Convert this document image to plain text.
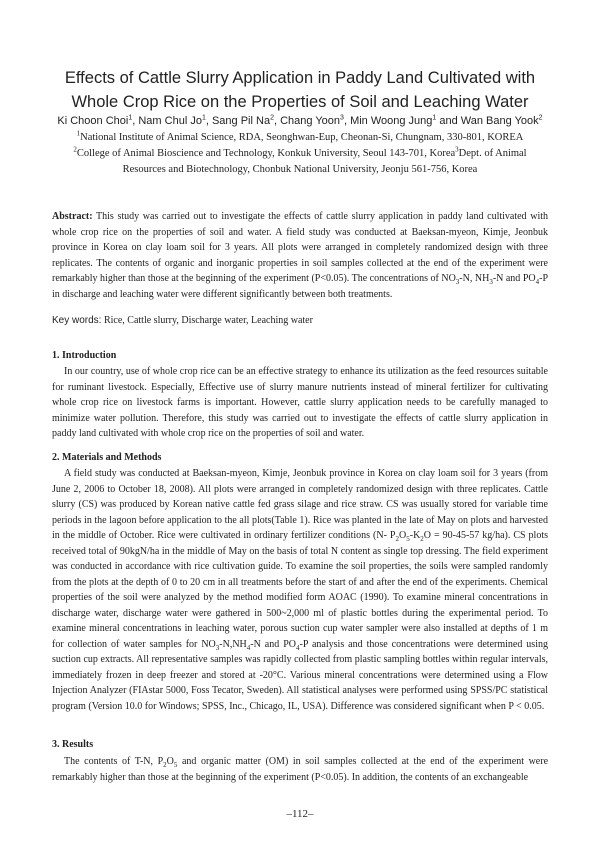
Effects of Cattle Slurry Application in Paddy Land Cultivated with
Whole Crop Rice on the Properties of Soil and Leaching Water
Ki Choon Choi$^1$, Nam Chul Jo$^1$, Sang Pil Na$^2$, Chang Yoon$^3$, Min Woong Jung$^1$ and Wan Bang Yook$^2$
$^1$National Institute of Animal Science, RDA, Seonghwan-Eup, Cheonan-Si, Chungnam, 330-801, KOREA
$^2$College of Animal Bioscience and Technology, Konkuk University, Seoul 143-701, Korea$^3$Dept. of Animal
Resources and Biotechnology, Chonbuk National University, Jeonju 561-756, Korea
Abstract: This study was carried out to investigate the effects of cattle slurry application in paddy land cultivated with whole crop rice on the properties of soil and water. A field study was conducted at Baeksan-myeon, Kimje, Jeonbuk province in Korea on clay loam soil for 3 years. All plots were arranged in completely randomized design with three replicates. The contents of organic and inorganic properties in soil samples collected at the end of the experiment were remarkably higher than those at the beginning of the experiment (P<0.05). The concentrations of $NO_3-N$, $NH_3-N$ and $PO_4-P$ in discharge and leaching water were different significantly between both treatments.
Key words: Rice, Cattle slurry, Discharge water, Leaching water
1. Introduction

In our country, use of whole crop rice can be an effective strategy to enhance its utilization as the feed resources suitable for ruminant livestock. Especially, Effective use of slurry manure nutrients instead of mineral fertilizer for cultivating whole crop rice on livestock farms is important. However, cattle slurry application needs to be carefully managed to minimize water pollution. Therefore, this study was carried out to investigate the effects of cattle slurry application in paddy land cultivated with whole crop rice on the properties of soil and water.

2. Materials and Methods

A field study was conducted at Baeksan-myeon, Kimje, Jeonbuk province in Korea on clay loam soil for 3 years (from June 2, 2006 to October 18, 2008). All plots were arranged in completely randomized design with three replicates. Cattle slurry (CS) was produced by Korean native cattle fed grass silage and rice straw. CS was usually stored for variable time periods in the lagoon before application to the all plots(Table 1). Rice was planted in the late of May on plots and harvested in the middle of October. Rice were cultivated in ordinary fertilizer conditions (N- $P_2O_5-K_2O = 90-45-57$ kg/ha). CS plots received total of 90kgN/ha in the middle of May on the basis of total N content as single top dressing. The field experiment was conducted in accordance with rice cultivation guide. To examine the soil properties, the soils were sampled randomly from the plots at the depth of 0 to 20 cm in all treatments before the start of and after the end of the experiments. Chemical properties of the soil were analyzed by the method modified form AOAC (1990). To examine mineral concentrations in discharge water, discharge water were gathered in 500~2,000 ml of plastic bottles during the experimental period. To examine mineral concentrations in leaching water, porous suction cup water sampler were also installed at depths of 1 m for collection of water samples for $NO_3-N,NH_4-N$ and $PO_4-P$ analysis and those concentrations were determined using suction cup extracts. All representative samples was rapidly collected from plastic sampling bottles within regular intervals, immediately frozen in deep freezer and stored at -20°C. Various mineral concentrations were determined using a Flow Injection Analyzer (FIAstar 5000, Foss Tecator, Sweden). All statistical analyses were performed using SPSS/PC statistical program (Version 10.0 for Windows; SPSS, Inc., Chicago, IL, USA). Difference was considered significant when P < 0.05.

3. Results

The contents of T-N, $P_2O_5$ and organic matter (OM) in soil samples collected at the end of the experiment were remarkably higher than those at the beginning of the experiment (P<0.05). In addition, the contents of an exchangeable

–112–
